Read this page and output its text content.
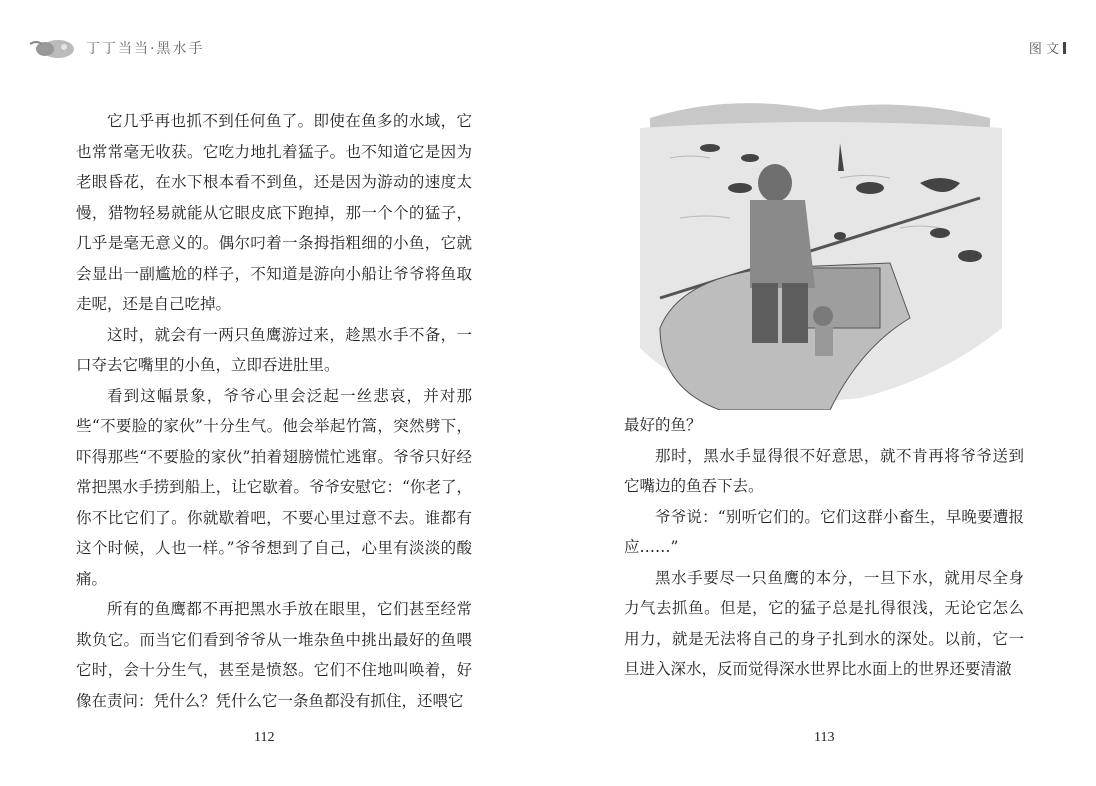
丁丁当当·黑水手

它几乎再也抓不到任何鱼了。即使在鱼多的水域，它也常常毫无收获。它吃力地扎着猛子。也不知道它是因为老眼昏花，在水下根本看不到鱼，还是因为游动的速度太慢，猎物轻易就能从它眼皮底下跑掉，那一个个的猛子，几乎是毫无意义的。偶尔叼着一条拇指粗细的小鱼，它就会显出一副尴尬的样子，不知道是游向小船让爷爷将鱼取走呢，还是自己吃掉。

这时，就会有一两只鱼鹰游过来，趁黑水手不备，一口夺去它嘴里的小鱼，立即吞进肚里。

看到这幅景象，爷爷心里会泛起一丝悲哀，并对那些“不要脸的家伙”十分生气。他会举起竹篙，突然劈下，吓得那些“不要脸的家伙”拍着翅膀慌忙逃窜。爷爷只好经常把黑水手捞到船上，让它歇着。爷爷安慰它：“你老了，你不比它们了。你就歇着吧，不要心里过意不去。谁都有这个时候，人也一样。”爷爷想到了自己，心里有淡淡的酸痛。

所有的鱼鹰都不再把黑水手放在眼里，它们甚至经常欺负它。而当它们看到爷爷从一堆杂鱼中挑出最好的鱼喂它时，会十分生气，甚至是愤怒。它们不住地叫唤着，好像在责问：凭什么？凭什么它一条鱼都没有抓住，还喂它

112
图 文

最好的鱼？

那时，黑水手显得很不好意思，就不肯再将爷爷送到它嘴边的鱼吞下去。

爷爷说：“别听它们的。它们这群小畜生，早晚要遭报应……”

黑水手要尽一只鱼鹰的本分，一旦下水，就用尽全身力气去抓鱼。但是，它的猛子总是扎得很浅，无论它怎么用力，就是无法将自己的身子扎到水的深处。以前，它一旦进入深水，反而觉得深水世界比水面上的世界还要清澈

113
